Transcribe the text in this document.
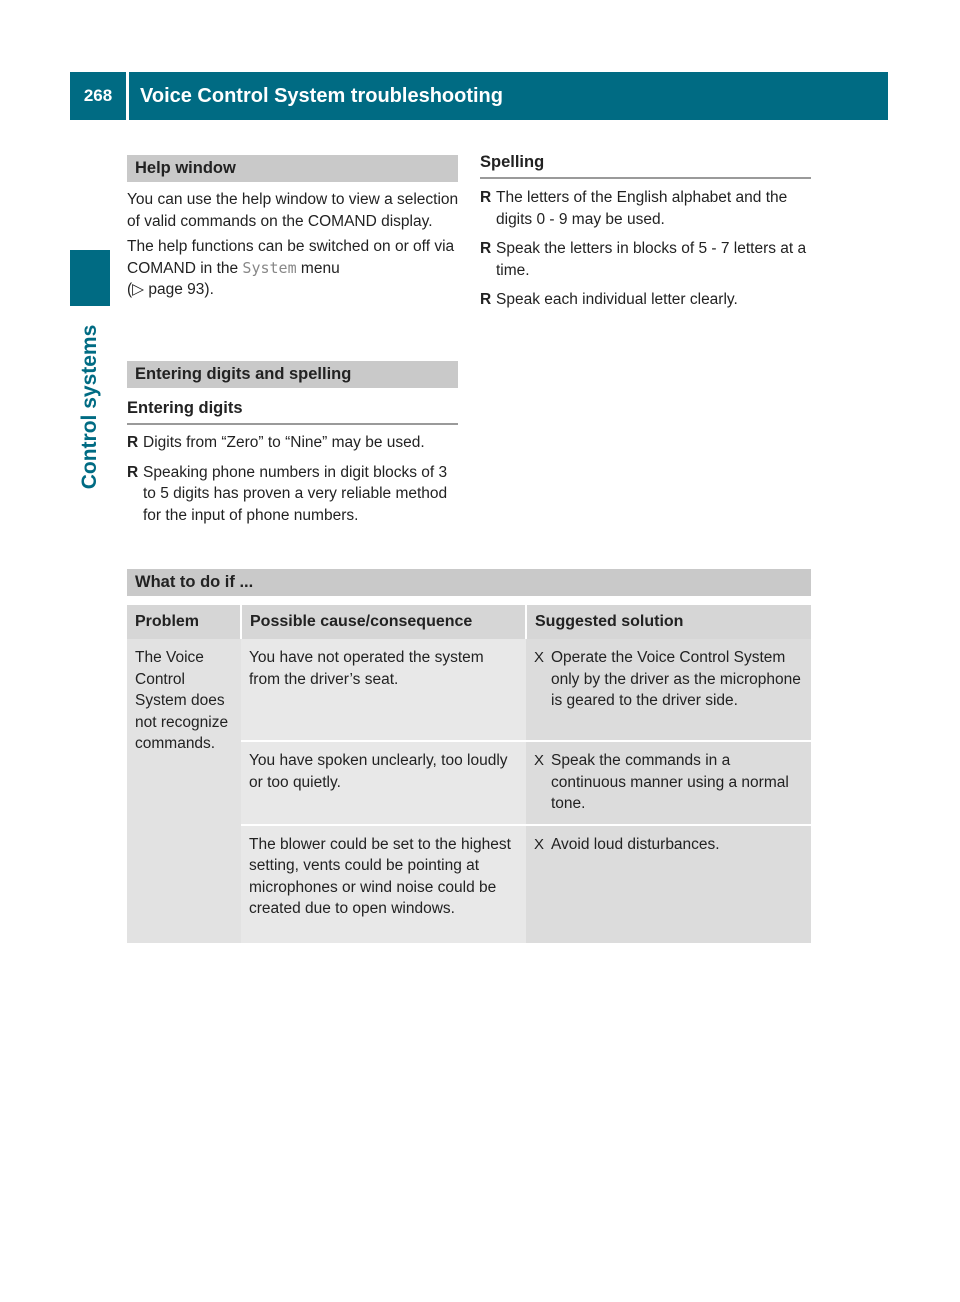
268	Voice Control System troubleshooting
Control systems
Help window

You can use the help window to view a selection of valid commands on the COMAND display.

The help functions can be switched on or off via COMAND in the System menu
(▷ page 93).

Entering digits and spelling
Entering digits
R Digits from “Zero” to “Nine” may be used.
R Speaking phone numbers in digit blocks of 3 to 5 digits has proven a very reliable method for the input of phone numbers.
Spelling
R The letters of the English alphabet and the digits 0 - 9 may be used.
R Speak the letters in blocks of 5 - 7 letters at a time.
R Speak each individual letter clearly.
What to do if ...
Problem	Possible cause/consequence	Suggested solution
The Voice Control System does not recognize commands.	You have not operated the system from the driver’s seat.	X Operate the Voice Control System only by the driver as the microphone is geared to the driver side.

	You have spoken unclearly, too loudly or too quietly.	X Speak the commands in a continuous manner using a normal tone.

	The blower could be set to the highest setting, vents could be pointing at microphones or wind noise could be created due to open windows.	X Avoid loud disturbances.
